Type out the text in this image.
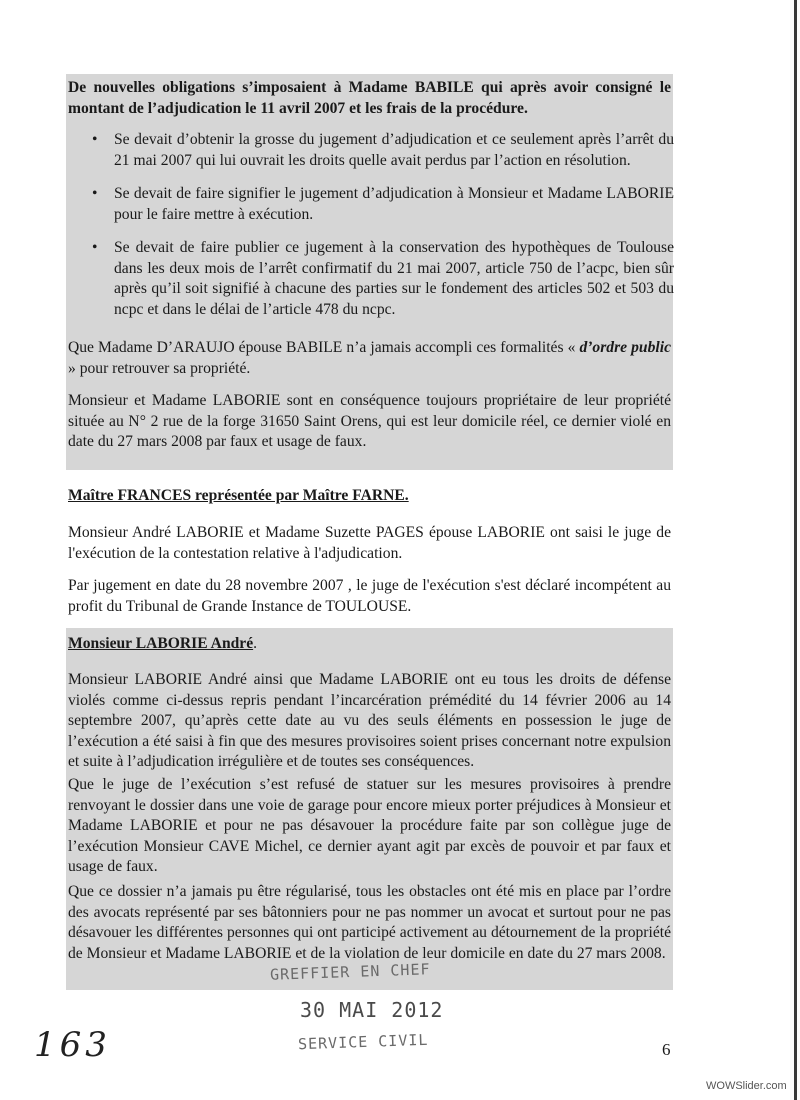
De nouvelles obligations s’imposaient à Madame BABILE qui après avoir consigné le montant de l’adjudication le 11 avril 2007 et les frais de la procédure.
• Se devait d’obtenir la grosse du jugement d’adjudication et ce seulement après l’arrêt du 21 mai 2007 qui lui ouvrait les droits quelle avait perdus par l’action en résolution.
• Se devait de faire signifier le jugement d’adjudication à Monsieur et Madame LABORIE pour le faire mettre à exécution.
• Se devait de faire publier ce jugement à la conservation des hypothèques de Toulouse dans les deux mois de l’arrêt confirmatif du 21 mai 2007, article 750 de l’acpc, bien sûr après qu’il soit signifié à chacune des parties sur le fondement des articles 502 et 503 du ncpc et dans le délai de l’article 478 du ncpc.
Que Madame D’ARAUJO épouse BABILE n’a jamais accompli ces formalités « d’ordre public » pour retrouver sa propriété.
Monsieur et Madame LABORIE sont en conséquence toujours propriétaire de leur propriété située au N° 2 rue de la forge 31650 Saint Orens, qui est leur domicile réel, ce dernier violé en date du 27 mars 2008 par faux et usage de faux.
Maître FRANCES représentée par Maître FARNE.
Monsieur André LABORIE et Madame Suzette PAGES épouse LABORIE ont saisi le juge de l'exécution de la contestation relative à l'adjudication.
Par jugement en date du 28 novembre 2007 , le juge de l'exécution s'est déclaré incompétent au profit du Tribunal de Grande Instance de TOULOUSE.
Monsieur LABORIE André.
Monsieur LABORIE André ainsi que Madame LABORIE ont eu tous les droits de défense violés comme ci-dessus repris pendant l’incarcération prémédité du 14 février 2006 au 14 septembre 2007, qu’après cette date au vu des seuls éléments en possession le juge de l’exécution a été saisi à fin que des mesures provisoires soient prises concernant notre expulsion et suite à l’adjudication irrégulière et de toutes ses conséquences.
Que le juge de l’exécution s’est refusé de statuer sur les mesures provisoires à prendre renvoyant le dossier dans une voie de garage pour encore mieux porter préjudices à Monsieur et Madame LABORIE et pour ne pas désavouer la procédure faite par son collègue juge de l’exécution Monsieur CAVE Michel, ce dernier ayant agit par excès de pouvoir et par faux et usage de faux.
Que ce dossier n’a jamais pu être régularisé, tous les obstacles ont été mis en place par l’ordre des avocats représenté par ses bâtonniers pour ne pas nommer un avocat et surtout pour ne pas désavouer les différentes personnes qui ont participé activement au détournement de la propriété de Monsieur et Madame LABORIE et de la violation de leur domicile en date du 27 mars 2008.
GREFFIER EN CHEF
30 MAI 2012
SERVICE CIVIL
163	6
WOWSlider.com
